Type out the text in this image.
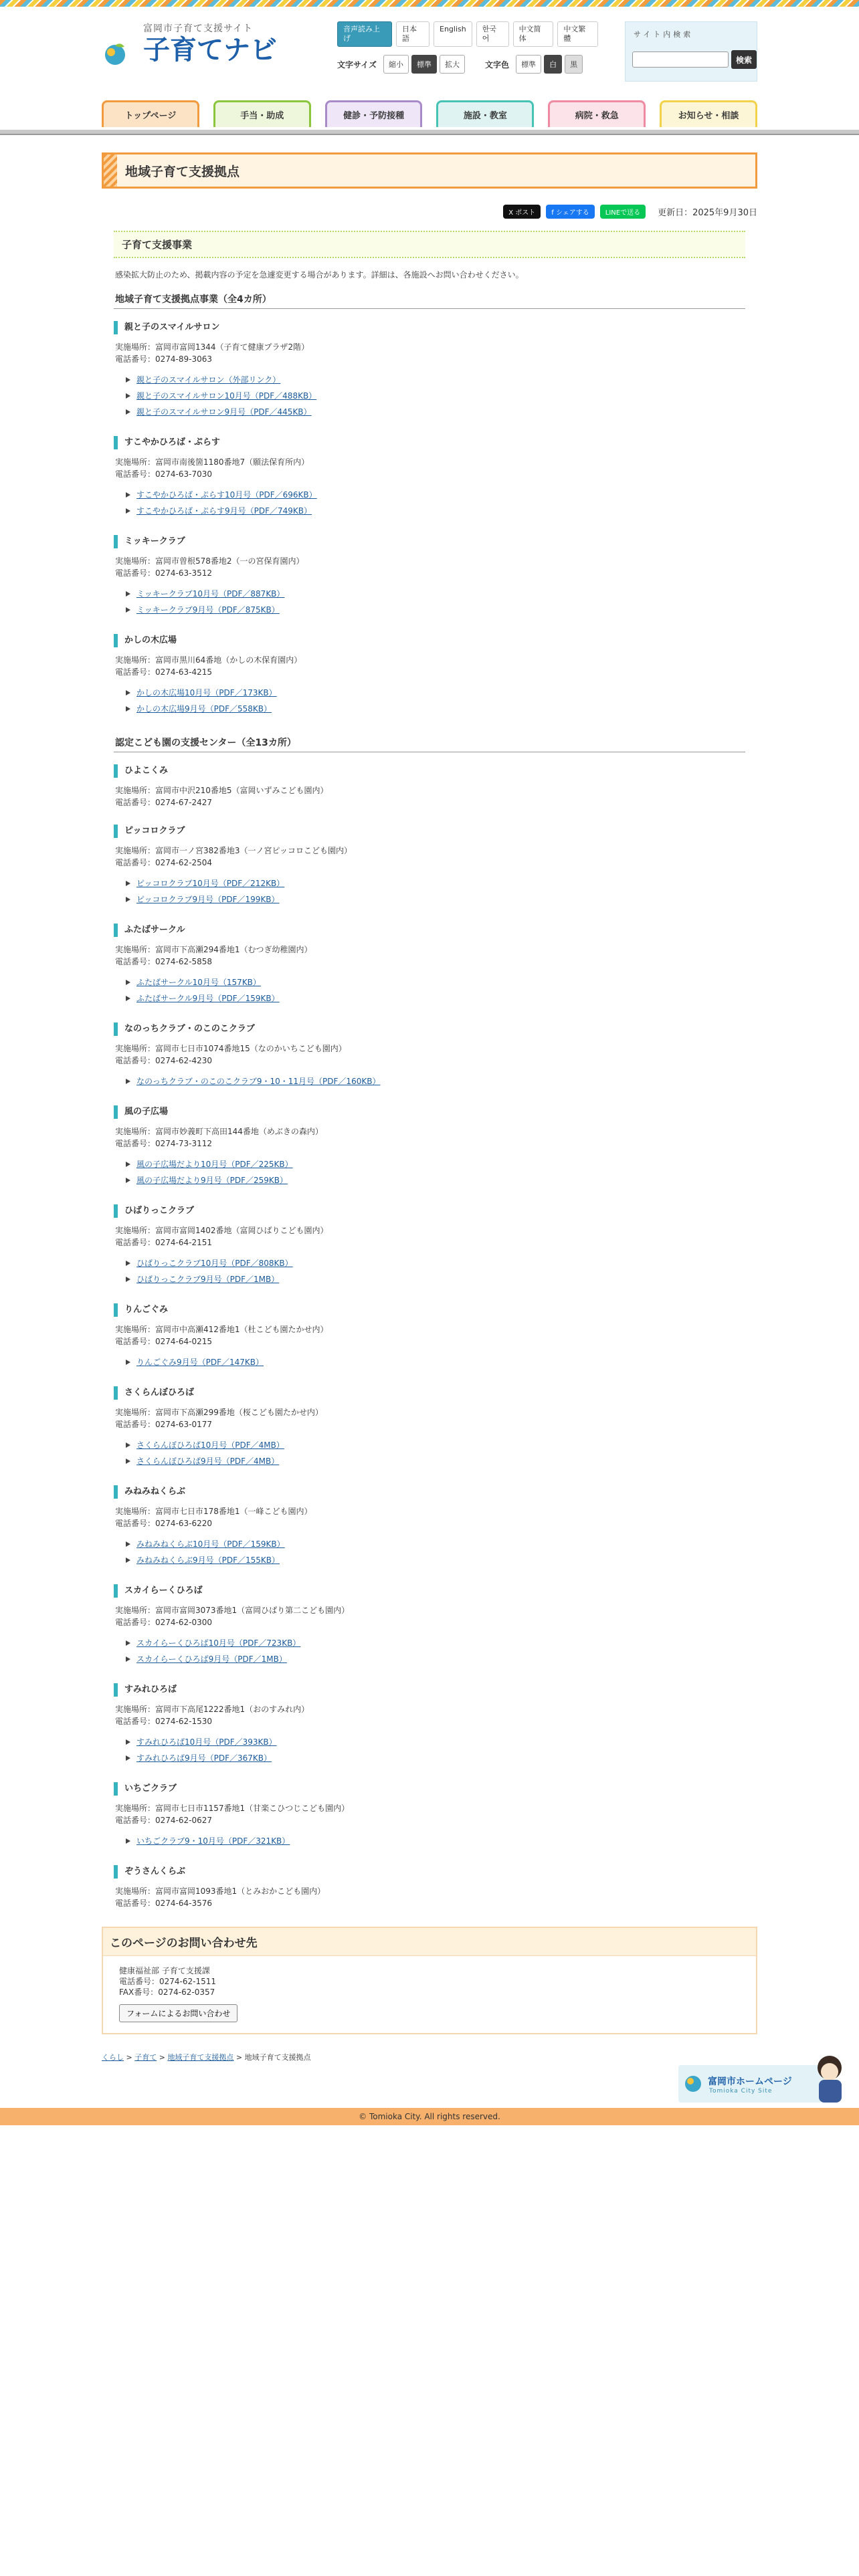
富岡市子育て支援サイト
子育てナビ
音声読み上げ
日本語
English	한국어
中文简体
中文繁體
文字サイズ	縮小	標準	拡大	文字色	標準	白	黒
サイト内検索
検索
トップページ	手当・助成	健診・予防接種	施設・教室	病院・救急	お知らせ・相談
地域子育て支援拠点
X ポスト	f シェアする	LINEで送る	更新日：2025年9月30日
子育て支援事業

感染拡大防止のため、掲載内容の予定を急遽変更する場合があります。詳細は、各施設へお問い合わせください。

地域子育て支援拠点事業（全4カ所）
親と子のスマイルサロン
実施場所：富岡市富岡1344（子育て健康プラザ2階）
電話番号：0274-89-3063
親と子のスマイルサロン（外部リンク）
親と子のスマイルサロン10月号（PDF／488KB）
親と子のスマイルサロン9月号（PDF／445KB）
すこやかひろば・ぷらす
実施場所：富岡市南後箇1180番地7（願法保育所内）
電話番号：0274-63-7030
すこやかひろば・ぷらす10月号（PDF／696KB）
すこやかひろば・ぷらす9月号（PDF／749KB）
ミッキークラブ
実施場所：富岡市曽根578番地2（一の宮保育園内）
電話番号：0274-63-3512
ミッキークラブ10月号（PDF／887KB）
ミッキークラブ9月号（PDF／875KB）
かしの木広場
実施場所：富岡市黒川64番地（かしの木保育園内）
電話番号：0274-63-4215
かしの木広場10月号（PDF／173KB）
かしの木広場9月号（PDF／558KB）
認定こども園の支援センター（全13カ所）
ひよこくみ
実施場所：富岡市中沢210番地5（富岡いずみこども園内）
電話番号：0274-67-2427
ピッコロクラブ
実施場所：富岡市一ノ宮382番地3（一ノ宮ピッコロこども園内）
電話番号：0274-62-2504
ピッコロクラブ10月号（PDF／212KB）
ピッコロクラブ9月号（PDF／199KB）
ふたばサークル
実施場所：富岡市下高瀬294番地1（むつぎ幼稚園内）
電話番号：0274-62-5858
ふたばサークル10月号（157KB）
ふたばサークル9月号（PDF／159KB）
なのっちクラブ・のこのこクラブ
実施場所：富岡市七日市1074番地15（なのかいちこども園内）
電話番号：0274-62-4230
なのっちクラブ・のこのこクラブ9・10・11月号（PDF／160KB）
風の子広場
実施場所：富岡市妙義町下高田144番地（めぶきの森内）
電話番号：0274-73-3112
風の子広場だより10月号（PDF／225KB）
風の子広場だより9月号（PDF／259KB）
ひばりっこクラブ
実施場所：富岡市富岡1402番地（富岡ひばりこども園内）
電話番号：0274-64-2151
ひばりっこクラブ10月号（PDF／808KB）
ひばりっこクラブ9月号（PDF／1MB）
りんごぐみ
実施場所：富岡市中高瀬412番地1（杜こども園たかせ内）
電話番号：0274-64-0215
りんごぐみ9月号（PDF／147KB）
さくらんぼひろば
実施場所：富岡市下高瀬299番地（桜こども園たかせ内）
電話番号：0274-63-0177
さくらんぼひろば10月号（PDF／4MB）
さくらんぼひろば9月号（PDF／4MB）
みねみねくらぶ
実施場所：富岡市七日市178番地1（一峰こども園内）
電話番号：0274-63-6220
みねみねくらぶ10月号（PDF／159KB）
みねみねくらぶ9月号（PDF／155KB）
スカイらーくひろば
実施場所：富岡市富岡3073番地1（富岡ひばり第二こども園内）
電話番号：0274-62-0300
スカイらーくひろば10月号（PDF／723KB）
スカイらーくひろば9月号（PDF／1MB）
すみれひろば
実施場所：富岡市下高尾1222番地1（おのすみれ内）
電話番号：0274-62-1530
すみれひろば10月号（PDF／393KB）
すみれひろば9月号（PDF／367KB）
いちごクラブ
実施場所：富岡市七日市1157番地1（甘楽こひつじこども園内）
電話番号：0274-62-0627
いちごクラブ9・10月号（PDF／321KB）
ぞうさんくらぶ
実施場所：富岡市富岡1093番地1（とみおかこども園内）
電話番号：0274-64-3576
このページのお問い合わせ先
健康福祉部 子育て支援課
電話番号：0274-62-1511
FAX番号：0274-62-0357
フォームによるお問い合わせ
くらし > 子育て > 地域子育て支援拠点 > 地域子育て支援拠点
富岡市ホームページ
Tomioka City Site
© Tomioka City. All rights reserved.
